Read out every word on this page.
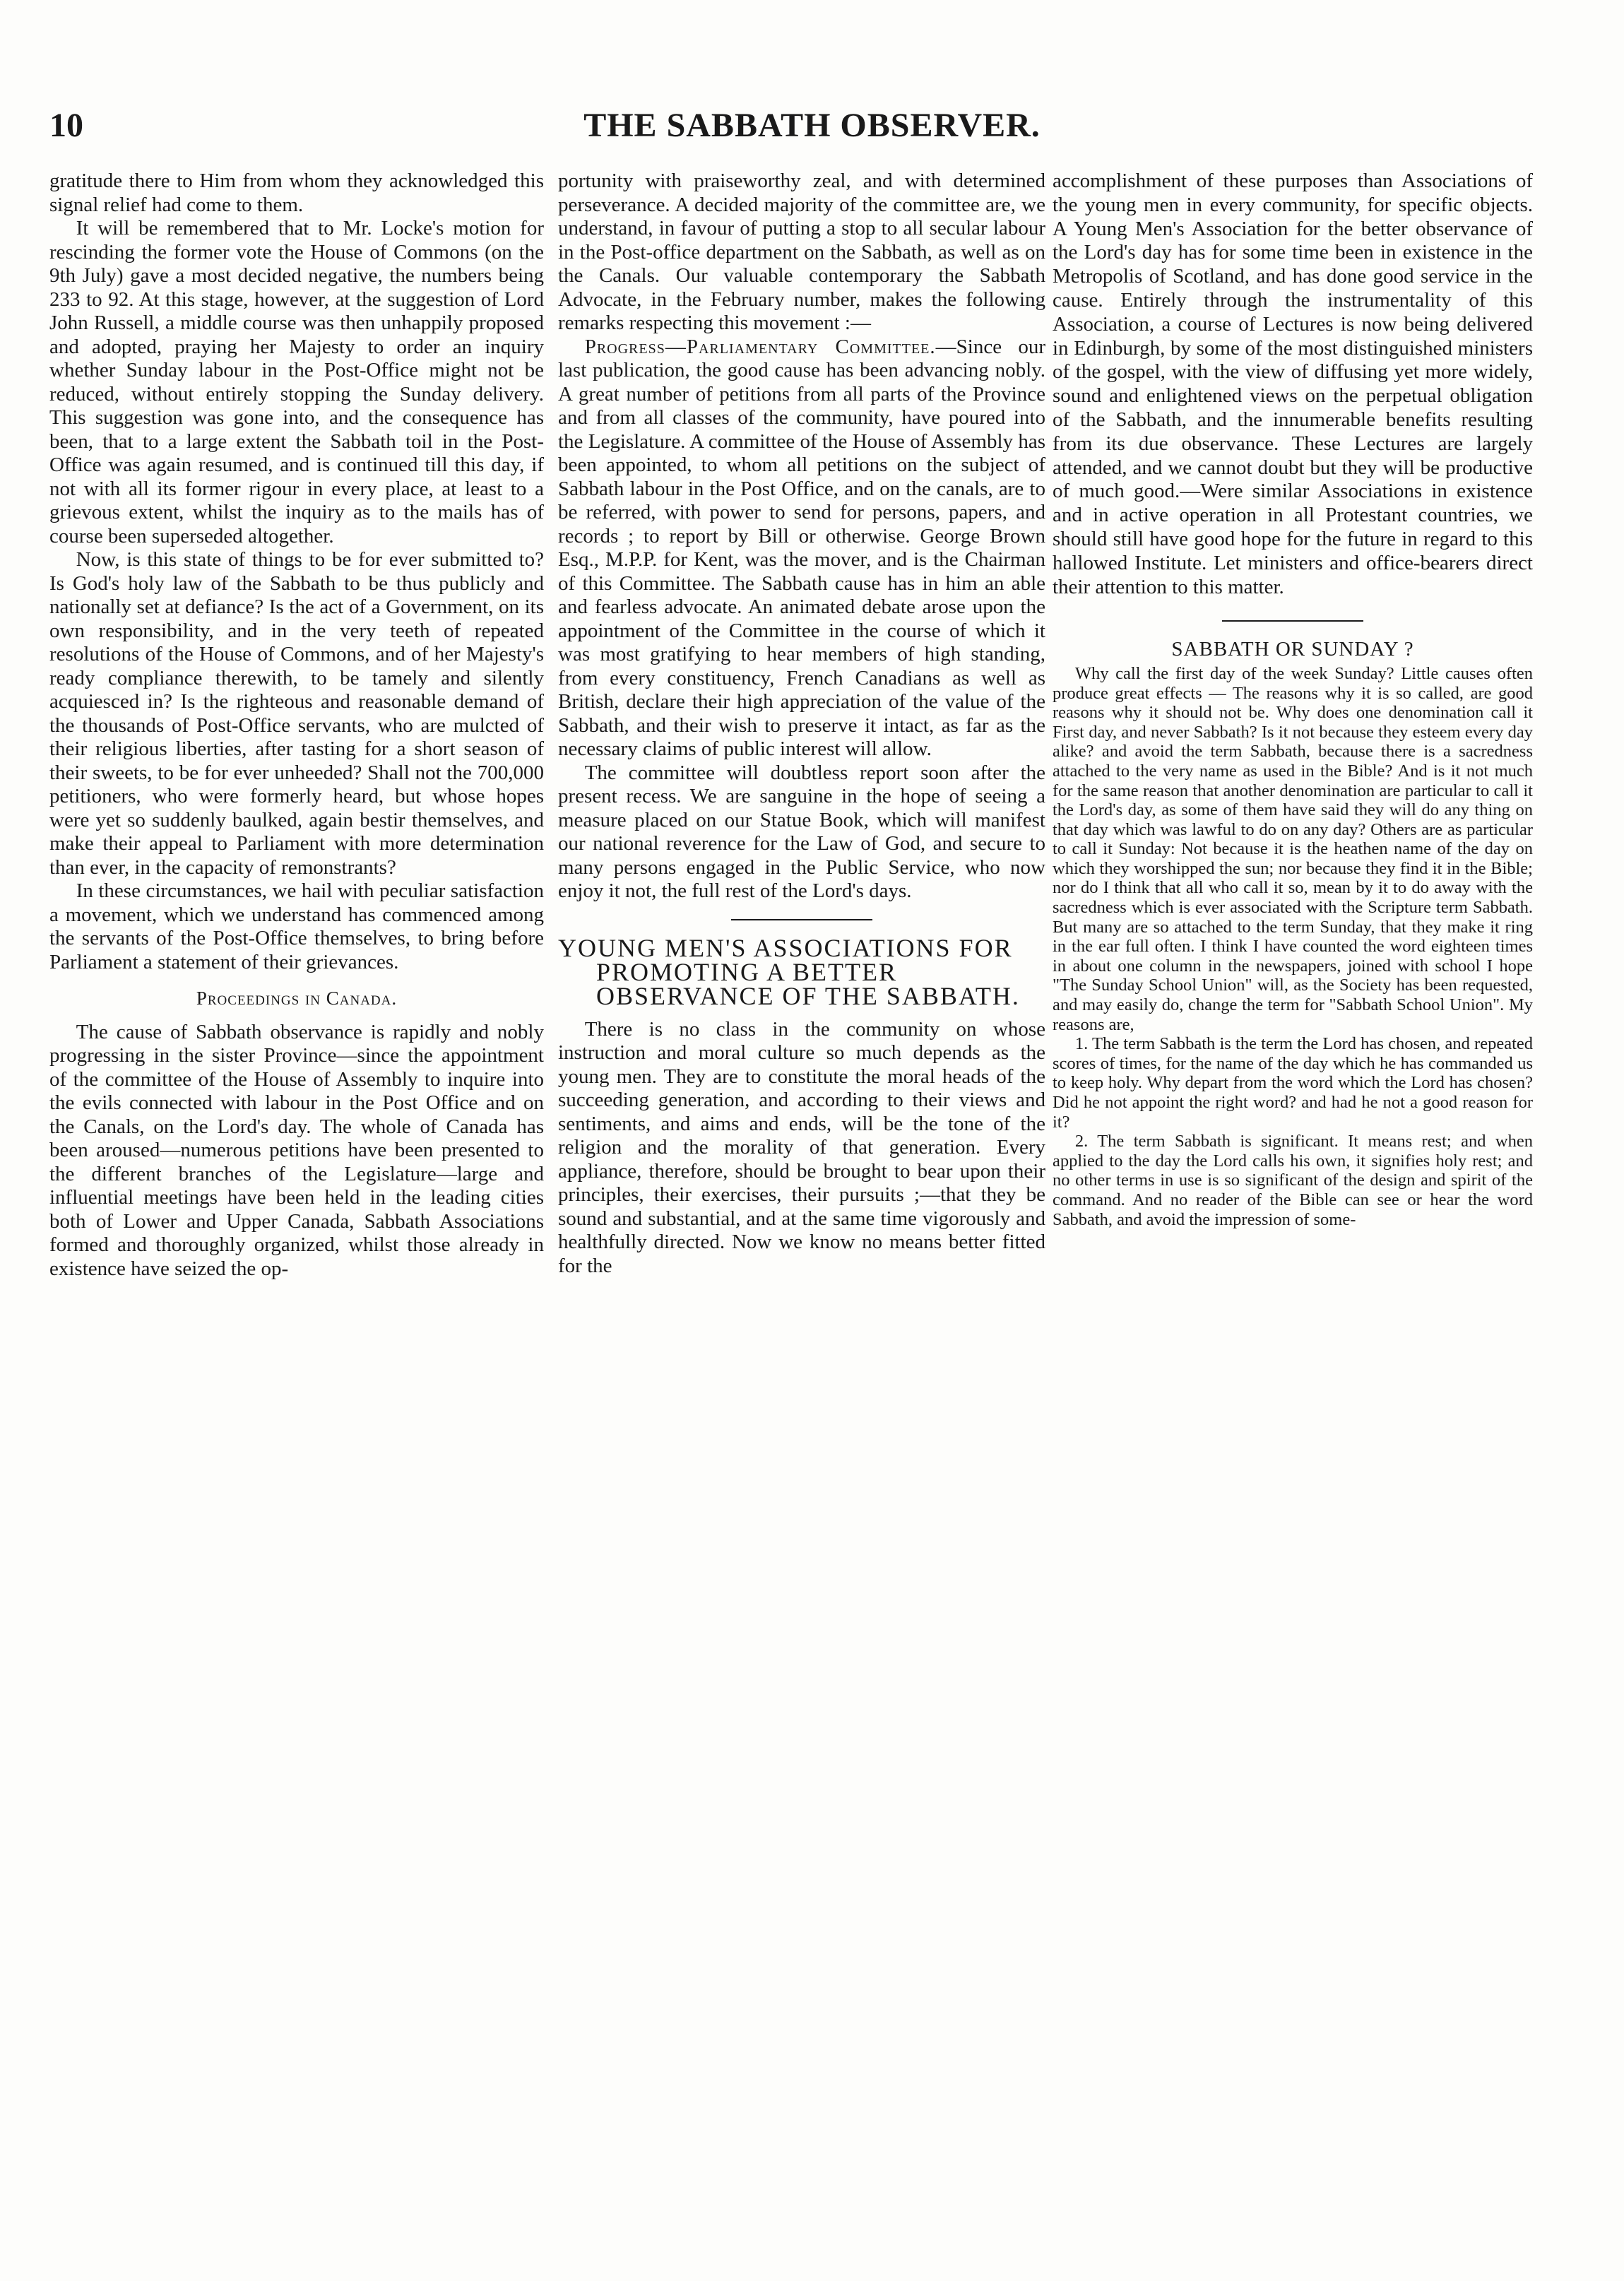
10	THE SABBATH OBSERVER.

gratitude there to Him from whom they acknowledged this signal relief had come to them.

It will be remembered that to Mr. Locke's motion for rescinding the former vote the House of Commons (on the 9th July) gave a most decided negative, the numbers being 233 to 92. At this stage, however, at the suggestion of Lord John Russell, a middle course was then unhappily proposed and adopted, praying her Majesty to order an inquiry whether Sunday labour in the Post-Office might not be reduced, without entirely stopping the Sunday delivery. This suggestion was gone into, and the consequence has been, that to a large extent the Sabbath toil in the Post-Office was again resumed, and is continued till this day, if not with all its former rigour in every place, at least to a grievous extent, whilst the inquiry as to the mails has of course been superseded altogether.

Now, is this state of things to be for ever submitted to? Is God's holy law of the Sabbath to be thus publicly and nationally set at defiance? Is the act of a Government, on its own responsibility, and in the very teeth of repeated resolutions of the House of Commons, and of her Majesty's ready compliance therewith, to be tamely and silently acquiesced in? Is the righteous and reasonable demand of the thousands of Post-Office servants, who are mulcted of their religious liberties, after tasting for a short season of their sweets, to be for ever unheeded? Shall not the 700,000 petitioners, who were formerly heard, but whose hopes were yet so suddenly baulked, again bestir themselves, and make their appeal to Parliament with more determination than ever, in the capacity of remonstrants?

In these circumstances, we hail with peculiar satisfaction a movement, which we understand has commenced among the servants of the Post-Office themselves, to bring before Parliament a statement of their grievances.

Proceedings in Canada.

The cause of Sabbath observance is rapidly and nobly progressing in the sister Province—since the appointment of the committee of the House of Assembly to inquire into the evils connected with labour in the Post Office and on the Canals, on the Lord's day. The whole of Canada has been aroused—numerous petitions have been presented to the different branches of the Legislature—large and influential meetings have been held in the leading cities both of Lower and Upper Canada, Sabbath Associations formed and thoroughly organized, whilst those already in existence have seized the op-

portunity with praiseworthy zeal, and with determined perseverance. A decided majority of the committee are, we understand, in favour of putting a stop to all secular labour in the Post-office department on the Sabbath, as well as on the Canals. Our valuable contemporary the Sabbath Advocate, in the February number, makes the following remarks respecting this movement :—

Progress—Parliamentary Committee.—Since our last publication, the good cause has been advancing nobly. A great number of petitions from all parts of the Province and from all classes of the community, have poured into the Legislature. A committee of the House of Assembly has been appointed, to whom all petitions on the subject of Sabbath labour in the Post Office, and on the canals, are to be referred, with power to send for persons, papers, and records ; to report by Bill or otherwise. George Brown Esq., M.P.P. for Kent, was the mover, and is the Chairman of this Committee. The Sabbath cause has in him an able and fearless advocate. An animated debate arose upon the appointment of the Committee in the course of which it was most gratifying to hear members of high standing, from every constituency, French Canadians as well as British, declare their high appreciation of the value of the Sabbath, and their wish to preserve it intact, as far as the necessary claims of public interest will allow.

The committee will doubtless report soon after the present recess. We are sanguine in the hope of seeing a measure placed on our Statue Book, which will manifest our national reverence for the Law of God, and secure to many persons engaged in the Public Service, who now enjoy it not, the full rest of the Lord's days.

YOUNG MEN'S ASSOCIATIONS FOR PROMOTING A BETTER OBSERVANCE OF THE SABBATH.

There is no class in the community on whose instruction and moral culture so much depends as the young men. They are to constitute the moral heads of the succeeding generation, and according to their views and sentiments, and aims and ends, will be the tone of the religion and the morality of that generation. Every appliance, therefore, should be brought to bear upon their principles, their exercises, their pursuits ;—that they be sound and substantial, and at the same time vigorously and healthfully directed. Now we know no means better fitted for the

accomplishment of these purposes than Associations of the young men in every community, for specific objects. A Young Men's Association for the better observance of the Lord's day has for some time been in existence in the Metropolis of Scotland, and has done good service in the cause. Entirely through the instrumentality of this Association, a course of Lectures is now being delivered in Edinburgh, by some of the most distinguished ministers of the gospel, with the view of diffusing yet more widely, sound and enlightened views on the perpetual obligation of the Sabbath, and the innumerable benefits resulting from its due observance. These Lectures are largely attended, and we cannot doubt but they will be productive of much good.—Were similar Associations in existence and in active operation in all Protestant countries, we should still have good hope for the future in regard to this hallowed Institute. Let ministers and office-bearers direct their attention to this matter.

SABBATH OR SUNDAY ?

Why call the first day of the week Sunday? Little causes often produce great effects — The reasons why it is so called, are good reasons why it should not be. Why does one denomination call it First day, and never Sabbath? Is it not because they esteem every day alike? and avoid the term Sabbath, because there is a sacredness attached to the very name as used in the Bible? And is it not much for the same reason that another denomination are particular to call it the Lord's day, as some of them have said they will do any thing on that day which was lawful to do on any day? Others are as particular to call it Sunday: Not because it is the heathen name of the day on which they worshipped the sun; nor because they find it in the Bible; nor do I think that all who call it so, mean by it to do away with the sacredness which is ever associated with the Scripture term Sabbath. But many are so attached to the term Sunday, that they make it ring in the ear full often. I think I have counted the word eighteen times in about one column in the newspapers, joined with school I hope "The Sunday School Union" will, as the Society has been requested, and may easily do, change the term for "Sabbath School Union". My reasons are,

1. The term Sabbath is the term the Lord has chosen, and repeated scores of times, for the name of the day which he has commanded us to keep holy. Why depart from the word which the Lord has chosen? Did he not appoint the right word? and had he not a good reason for it?

2. The term Sabbath is significant. It means rest; and when applied to the day the Lord calls his own, it signifies holy rest; and no other terms in use is so significant of the design and spirit of the command. And no reader of the Bible can see or hear the word Sabbath, and avoid the impression of some-
